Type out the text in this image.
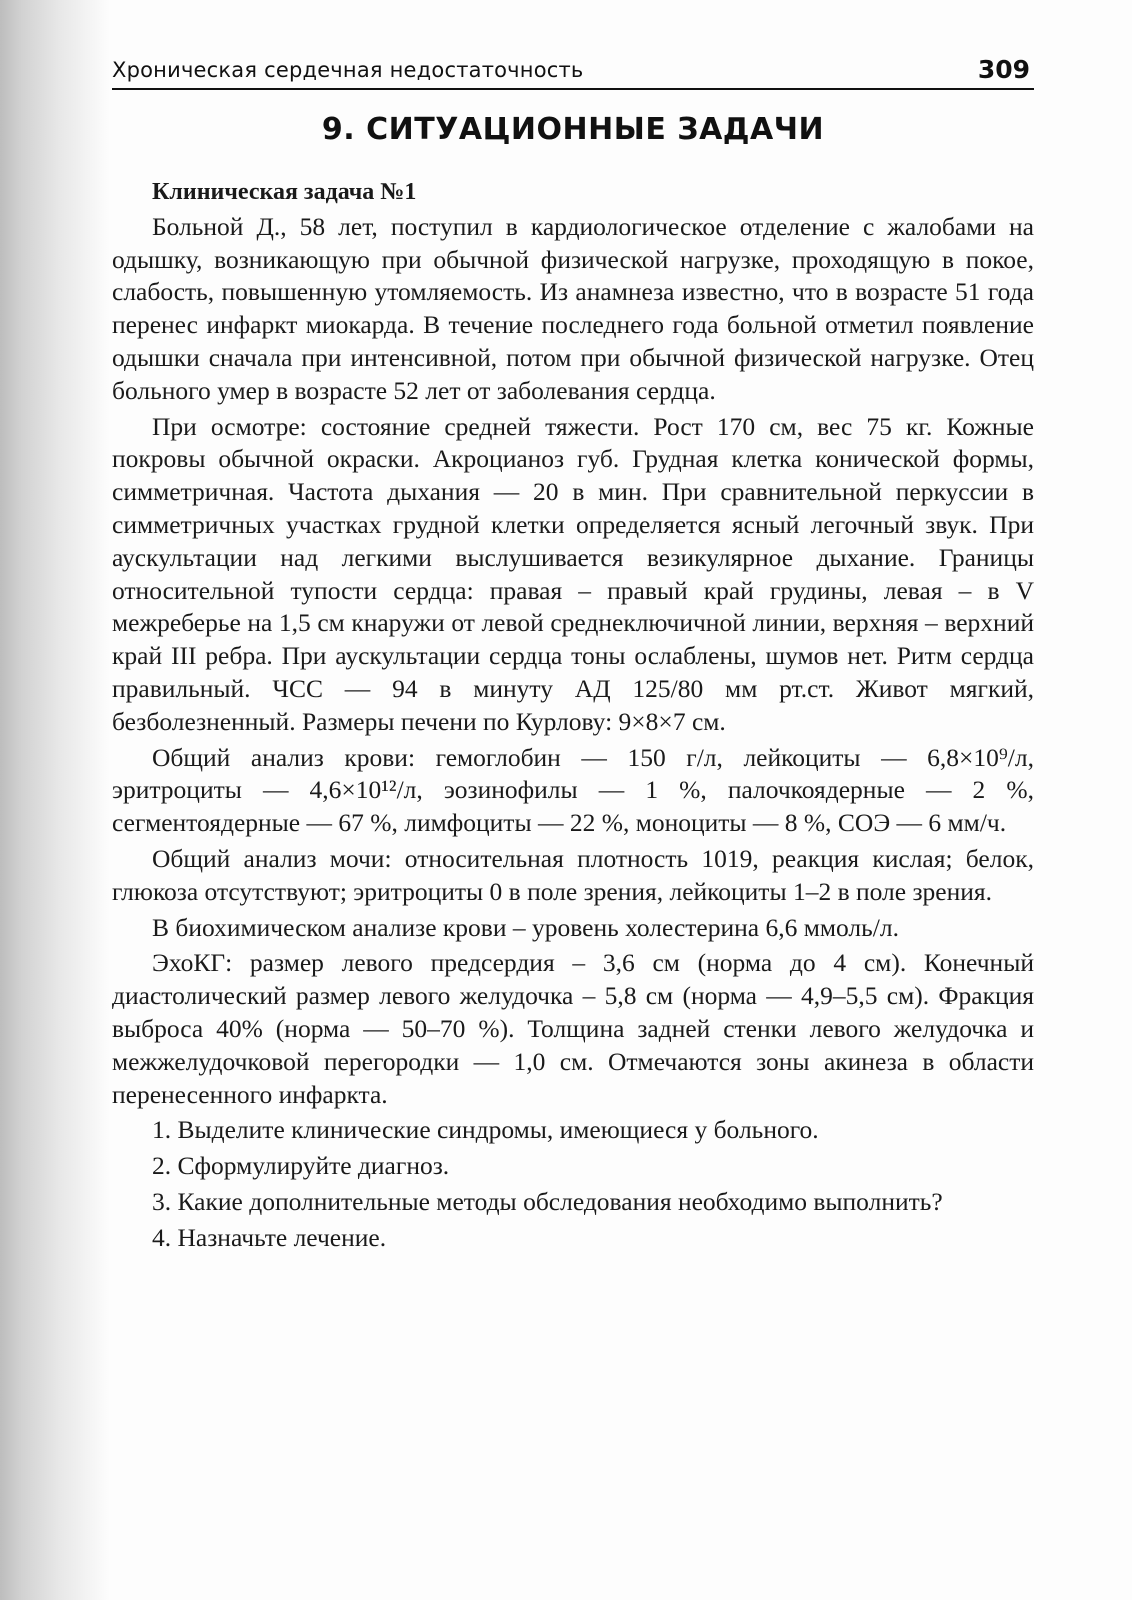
Хроническая сердечная недостаточность	309
9. СИТУАЦИОННЫЕ ЗАДАЧИ

Клиническая задача №1

Больной Д., 58 лет, поступил в кардиологическое отделение с жалобами на одышку, возникающую при обычной физической нагрузке, проходящую в покое, слабость, повышенную утомляемость. Из анамнеза известно, что в возрасте 51 года перенес инфаркт миокарда. В течение последнего года больной отметил появление одышки сначала при интенсивной, потом при обычной физической нагрузке. Отец больного умер в возрасте 52 лет от заболевания сердца.

При осмотре: состояние средней тяжести. Рост 170 см, вес 75 кг. Кожные покровы обычной окраски. Акроцианоз губ. Грудная клетка конической формы, симметричная. Частота дыхания — 20 в мин. При сравнительной перкуссии в симметричных участках грудной клетки определяется ясный легочный звук. При аускультации над легкими выслушивается везикулярное дыхание. Границы относительной тупости сердца: правая – правый край грудины, левая – в V межреберье на 1,5 см кнаружи от левой среднеключичной линии, верхняя – верхний край III ребра. При аускультации сердца тоны ослаблены, шумов нет. Ритм сердца правильный. ЧСС — 94 в минуту АД 125/80 мм рт.ст. Живот мягкий, безболезненный. Размеры печени по Курлову: 9×8×7 см.

Общий анализ крови: гемоглобин — 150 г/л, лейкоциты — 6,8×10⁹/л, эритроциты — 4,6×10¹²/л, эозинофилы — 1 %, палочкоядерные — 2 %, сегментоядерные — 67 %, лимфоциты — 22 %, моноциты — 8 %, СОЭ — 6 мм/ч.

Общий анализ мочи: относительная плотность 1019, реакция кислая; белок, глюкоза отсутствуют; эритроциты 0 в поле зрения, лейкоциты 1–2 в поле зрения.

В биохимическом анализе крови – уровень холестерина 6,6 ммоль/л.

ЭхоКГ: размер левого предсердия – 3,6 см (норма до 4 см). Конечный диастолический размер левого желудочка – 5,8 см (норма — 4,9–5,5 см). Фракция выброса 40% (норма — 50–70 %). Толщина задней стенки левого желудочка и межжелудочковой перегородки — 1,0 см. Отмечаются зоны акинеза в области перенесенного инфаркта.

1. Выделите клинические синдромы, имеющиеся у больного.

2. Сформулируйте диагноз.

3. Какие дополнительные методы обследования необходимо выполнить?

4. Назначьте лечение.
